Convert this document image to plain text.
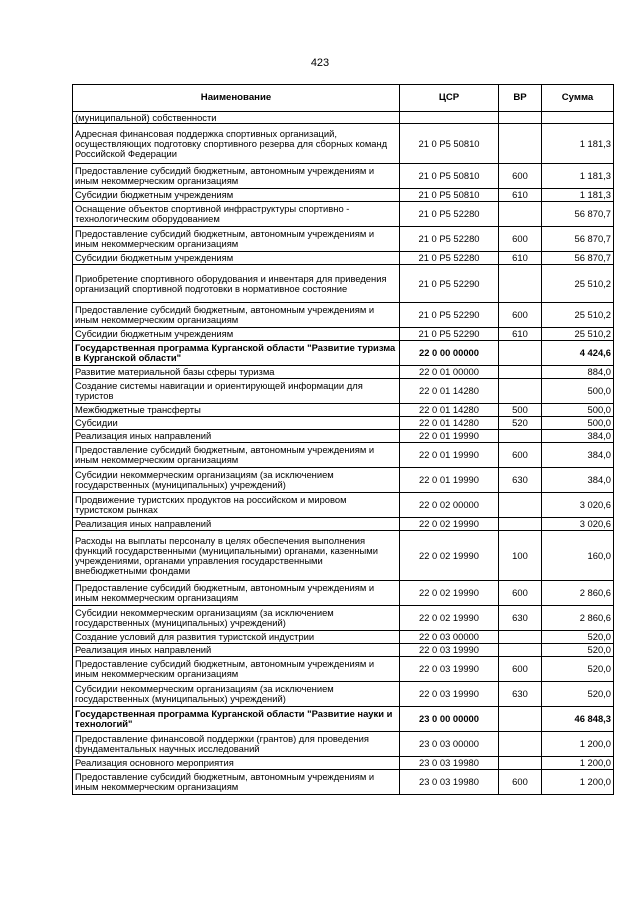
423
Наименование	ЦСР	ВР	Сумма
(муниципальной) собственности			
Адресная финансовая поддержка спортивных организаций, осуществляющих подготовку спортивного резерва для сборных команд Российской Федерации	21 0 P5 50810		1 181,3
Предоставление субсидий бюджетным, автономным учреждениям и иным некоммерческим организациям	21 0 P5 50810	600	1 181,3
Субсидии бюджетным учреждениям	21 0 P5 50810	610	1 181,3
Оснащение объектов спортивной инфраструктуры спортивно - технологическим оборудованием	21 0 P5 52280		56 870,7
Предоставление субсидий бюджетным, автономным учреждениям и иным некоммерческим организациям	21 0 P5 52280	600	56 870,7
Субсидии бюджетным учреждениям	21 0 P5 52280	610	56 870,7
Приобретение спортивного оборудования и инвентаря для приведения организаций спортивной подготовки в нормативное состояние	21 0 P5 52290		25 510,2
Предоставление субсидий бюджетным, автономным учреждениям и иным некоммерческим организациям	21 0 P5 52290	600	25 510,2
Субсидии бюджетным учреждениям	21 0 P5 52290	610	25 510,2
Государственная программа Курганской области "Развитие туризма в Курганской области"	22 0 00 00000		4 424,6
Развитие материальной базы сферы туризма	22 0 01 00000		884,0
Создание системы навигации и ориентирующей информации для туристов	22 0 01 14280		500,0
Межбюджетные трансферты	22 0 01 14280	500	500,0
Субсидии	22 0 01 14280	520	500,0
Реализация иных направлений	22 0 01 19990		384,0
Предоставление субсидий бюджетным, автономным учреждениям и иным некоммерческим организациям	22 0 01 19990	600	384,0
Субсидии некоммерческим организациям (за исключением государственных (муниципальных) учреждений)	22 0 01 19990	630	384,0
Продвижение туристских продуктов на российском и мировом туристском рынках	22 0 02 00000		3 020,6
Реализация иных направлений	22 0 02 19990		3 020,6
Расходы на выплаты персоналу в целях обеспечения выполнения функций государственными (муниципальными) органами, казенными учреждениями, органами управления государственными внебюджетными фондами	22 0 02 19990	100	160,0
Предоставление субсидий бюджетным, автономным учреждениям и иным некоммерческим организациям	22 0 02 19990	600	2 860,6
Субсидии некоммерческим организациям (за исключением государственных (муниципальных) учреждений)	22 0 02 19990	630	2 860,6
Создание условий для развития туристской индустрии	22 0 03 00000		520,0
Реализация иных направлений	22 0 03 19990		520,0
Предоставление субсидий бюджетным, автономным учреждениям и иным некоммерческим организациям	22 0 03 19990	600	520,0
Субсидии некоммерческим организациям (за исключением государственных (муниципальных) учреждений)	22 0 03 19990	630	520,0
Государственная программа Курганской области "Развитие науки и технологий"	23 0 00 00000		46 848,3
Предоставление финансовой поддержки (грантов) для проведения фундаментальных научных исследований	23 0 03 00000		1 200,0
Реализация основного мероприятия	23 0 03 19980		1 200,0
Предоставление субсидий бюджетным, автономным учреждениям и иным некоммерческим организациям	23 0 03 19980	600	1 200,0
